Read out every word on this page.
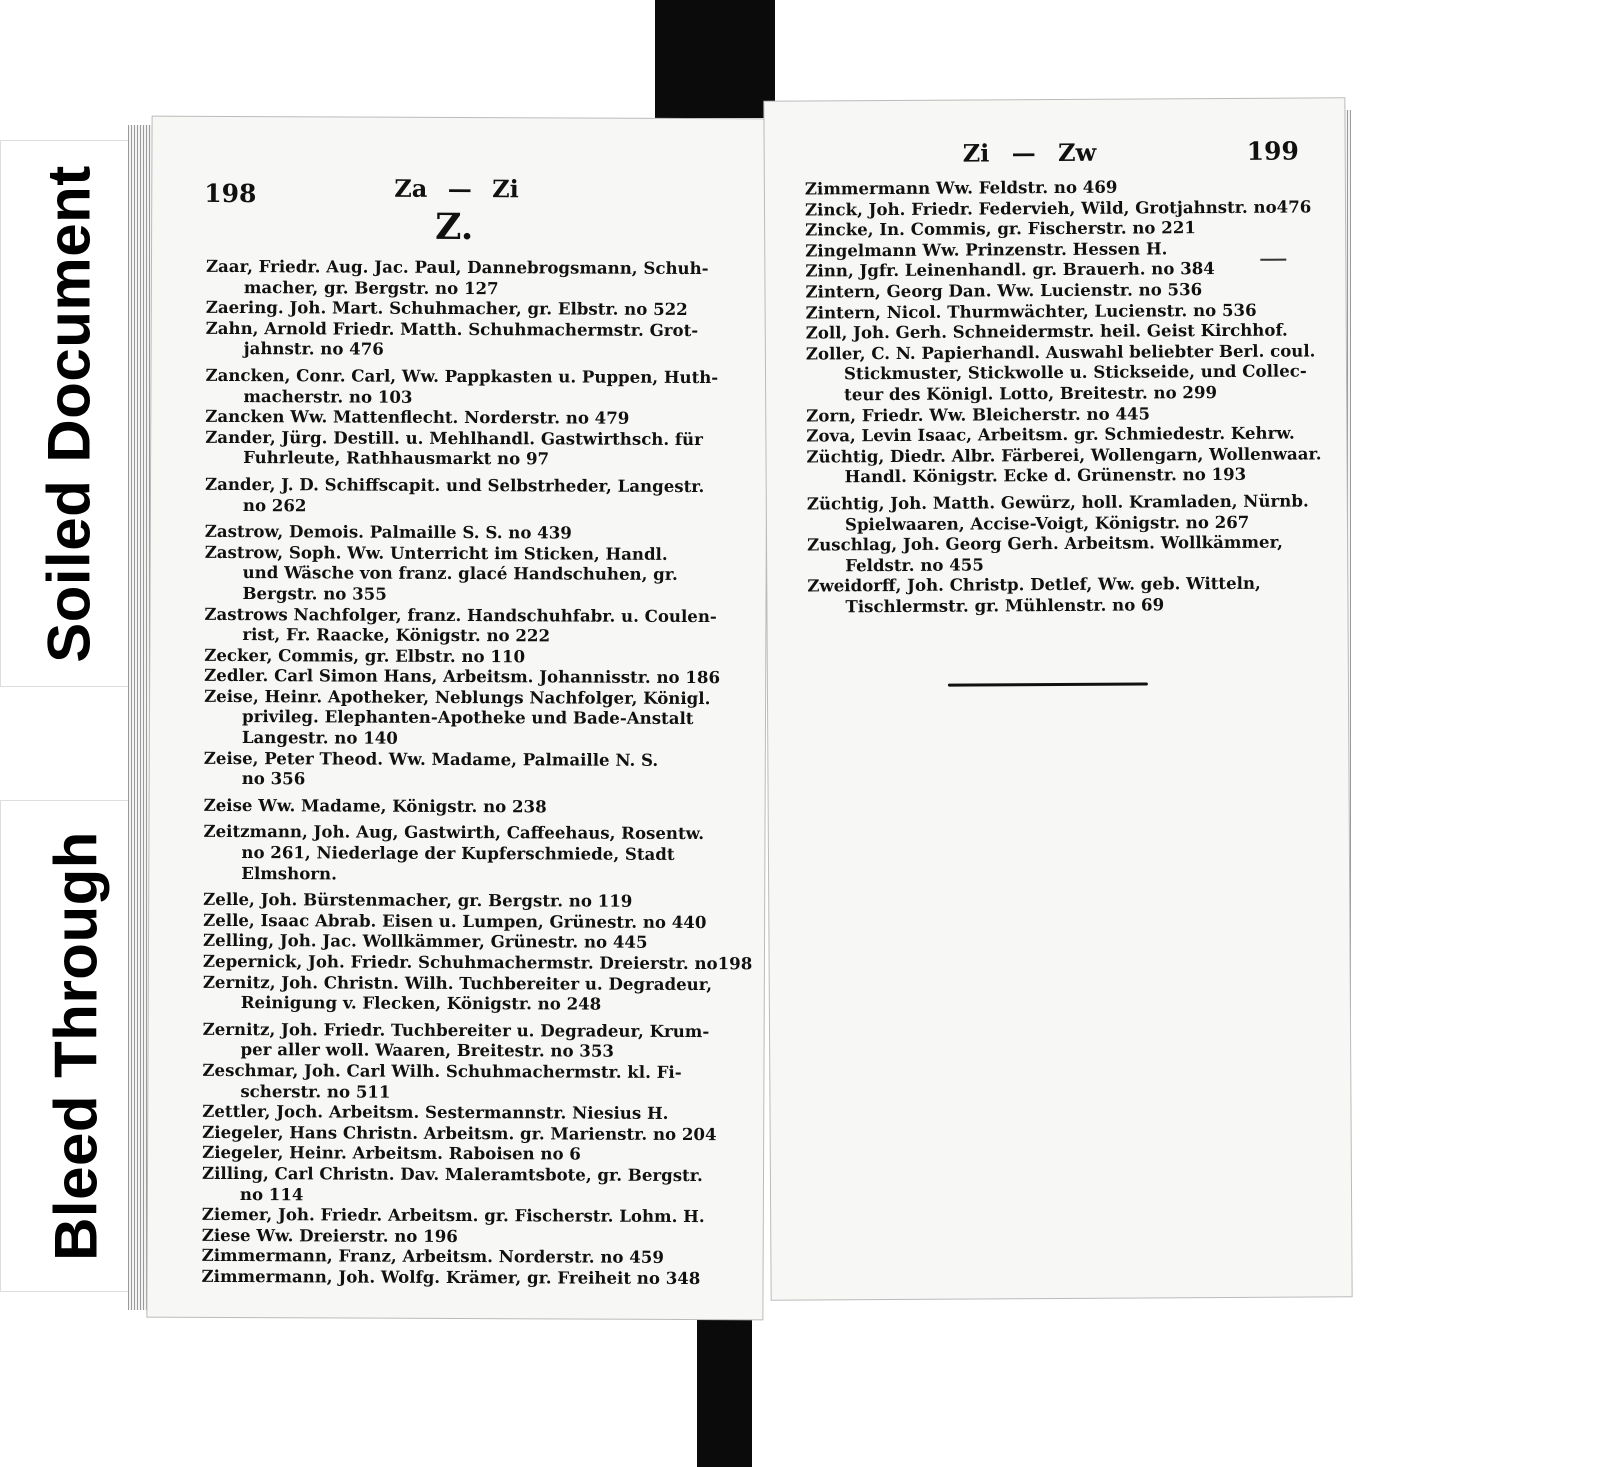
Soiled Document
Bleed Through
198	Za — Zi
Z.
Zaar, Friedr. Aug. Jac. Paul, Dannebrogsmann, Schuh-
macher, gr. Bergstr. no 127
Zaering. Joh. Mart. Schuhmacher, gr. Elbstr. no 522
Zahn, Arnold Friedr. Matth. Schuhmachermstr. Grot-
jahnstr. no 476
Zancken, Conr. Carl, Ww. Pappkasten u. Puppen, Huth-
macherstr. no 103
Zancken Ww. Mattenflecht. Norderstr. no 479
Zander, Jürg. Destill. u. Mehlhandl. Gastwirthsch. für
Fuhrleute, Rathhausmarkt no 97
Zander, J. D. Schiffscapit. und Selbstrheder, Langestr.
no 262
Zastrow, Demois. Palmaille S. S. no 439
Zastrow, Soph. Ww. Unterricht im Sticken, Handl.
und Wäsche von franz. glacé Handschuhen, gr.
Bergstr. no 355
Zastrows Nachfolger, franz. Handschuhfabr. u. Coulen-
rist, Fr. Raacke, Königstr. no 222
Zecker, Commis, gr. Elbstr. no 110
Zedler. Carl Simon Hans, Arbeitsm. Johannisstr. no 186
Zeise, Heinr. Apotheker, Neblungs Nachfolger, Königl.
privileg. Elephanten-Apotheke und Bade-Anstalt
Langestr. no 140
Zeise, Peter Theod. Ww. Madame, Palmaille N. S.
no 356
Zeise Ww. Madame, Königstr. no 238
Zeitzmann, Joh. Aug, Gastwirth, Caffeehaus, Rosentw.
no 261, Niederlage der Kupferschmiede, Stadt
Elmshorn.
Zelle, Joh. Bürstenmacher, gr. Bergstr. no 119
Zelle, Isaac Abrab. Eisen u. Lumpen, Grünestr. no 440
Zelling, Joh. Jac. Wollkämmer, Grünestr. no 445
Zepernick, Joh. Friedr. Schuhmachermstr. Dreierstr. no198
Zernitz, Joh. Christn. Wilh. Tuchbereiter u. Degradeur,
Reinigung v. Flecken, Königstr. no 248
Zernitz, Joh. Friedr. Tuchbereiter u. Degradeur, Krum-
per aller woll. Waaren, Breitestr. no 353
Zeschmar, Joh. Carl Wilh. Schuhmachermstr. kl. Fi-
scherstr. no 511
Zettler, Joch. Arbeitsm. Sestermannstr. Niesius H.
Ziegeler, Hans Christn. Arbeitsm. gr. Marienstr. no 204
Ziegeler, Heinr. Arbeitsm. Raboisen no 6
Zilling, Carl Christn. Dav. Maleramtsbote, gr. Bergstr.
no 114
Ziemer, Joh. Friedr. Arbeitsm. gr. Fischerstr. Lohm. H.
Ziese Ww. Dreierstr. no 196
Zimmermann, Franz, Arbeitsm. Norderstr. no 459
Zimmermann, Joh. Wolfg. Krämer, gr. Freiheit no 348
Zi — Zw	199
Zimmermann Ww. Feldstr. no 469
Zinck, Joh. Friedr. Federvieh, Wild, Grotjahnstr. no476
Zincke, In. Commis, gr. Fischerstr. no 221
Zingelmann Ww. Prinzenstr. Hessen H.
Zinn, Jgfr. Leinenhandl. gr. Brauerh. no 384
Zintern, Georg Dan. Ww. Lucienstr. no 536
Zintern, Nicol. Thurmwächter, Lucienstr. no 536
Zoll, Joh. Gerh. Schneidermstr. heil. Geist Kirchhof.
Zoller, C. N. Papierhandl. Auswahl beliebter Berl. coul.
Stickmuster, Stickwolle u. Stickseide, und Collec-
teur des Königl. Lotto, Breitestr. no 299
Zorn, Friedr. Ww. Bleicherstr. no 445
Zova, Levin Isaac, Arbeitsm. gr. Schmiedestr. Kehrw.
Züchtig, Diedr. Albr. Färberei, Wollengarn, Wollenwaar.
Handl. Königstr. Ecke d. Grünenstr. no 193
Züchtig, Joh. Matth. Gewürz, holl. Kramladen, Nürnb.
Spielwaaren, Accise-Voigt, Königstr. no 267
Zuschlag, Joh. Georg Gerh. Arbeitsm. Wollkämmer,
Feldstr. no 455
Zweidorff, Joh. Christp. Detlef, Ww. geb. Witteln,
Tischlermstr. gr. Mühlenstr. no 69
